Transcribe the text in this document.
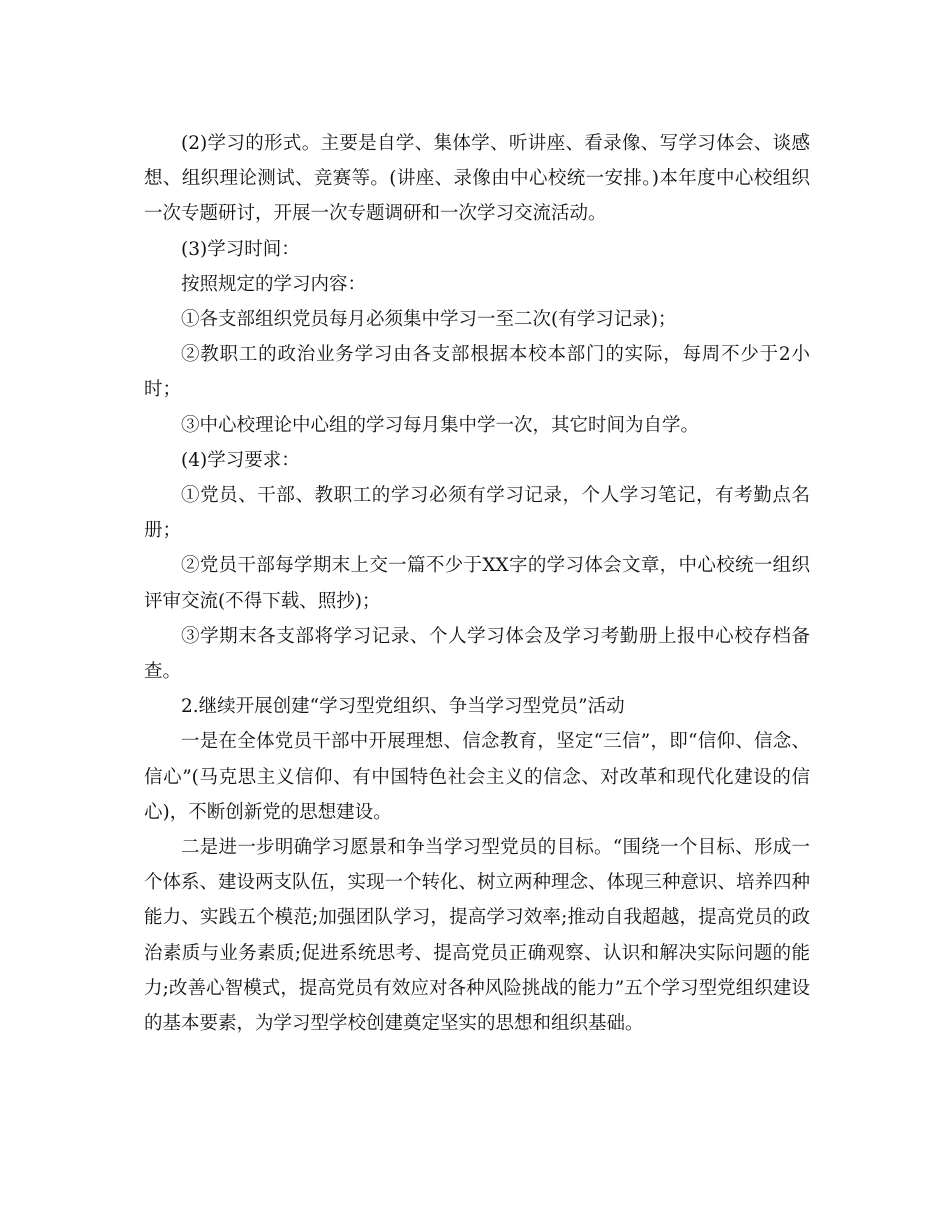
(2)学习的形式。主要是自学、集体学、听讲座、看录像、写学习体会、谈感想、组织理论测试、竞赛等。(讲座、录像由中心校统一安排。)本年度中心校组织一次专题研讨，开展一次专题调研和一次学习交流活动。

(3)学习时间：

按照规定的学习内容：

①各支部组织党员每月必须集中学习一至二次(有学习记录)；

②教职工的政治业务学习由各支部根据本校本部门的实际，每周不少于2小时；

③中心校理论中心组的学习每月集中学一次，其它时间为自学。

(4)学习要求：

①党员、干部、教职工的学习必须有学习记录，个人学习笔记，有考勤点名册；

②党员干部每学期末上交一篇不少于XX字的学习体会文章，中心校统一组织评审交流(不得下载、照抄)；

③学期末各支部将学习记录、个人学习体会及学习考勤册上报中心校存档备查。

2.继续开展创建“学习型党组织、争当学习型党员”活动

一是在全体党员干部中开展理想、信念教育，坚定“三信”，即“信仰、信念、信心”(马克思主义信仰、有中国特色社会主义的信念、对改革和现代化建设的信心)，不断创新党的思想建设。

二是进一步明确学习愿景和争当学习型党员的目标。“围绕一个目标、形成一个体系、建设两支队伍，实现一个转化、树立两种理念、体现三种意识、培养四种能力、实践五个模范;加强团队学习，提高学习效率;推动自我超越，提高党员的政治素质与业务素质;促进系统思考、提高党员正确观察、认识和解决实际问题的能力;改善心智模式，提高党员有效应对各种风险挑战的能力”五个学习型党组织建设的基本要素，为学习型学校创建奠定坚实的思想和组织基础。
